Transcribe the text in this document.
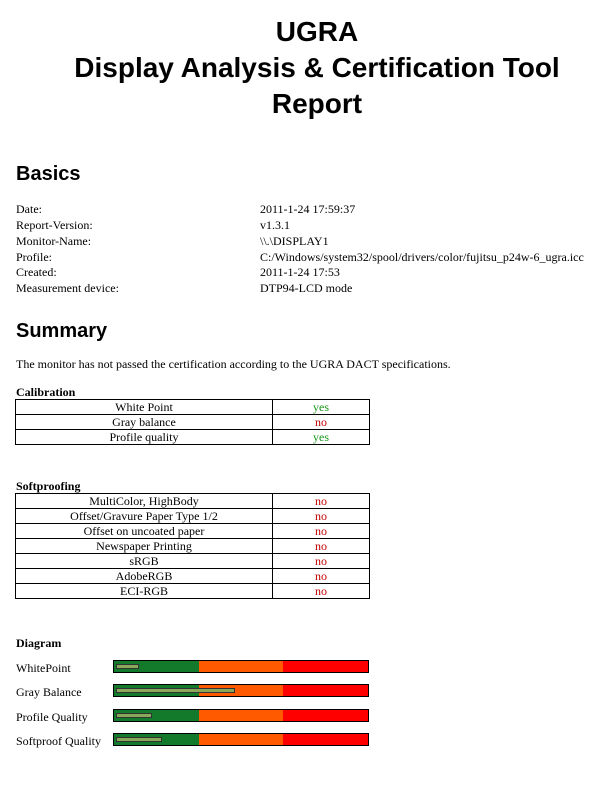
UGRA
Display Analysis & Certification Tool
Report
Basics
Date:	2011-1-24 17:59:37
Report-Version:	v1.3.1
Monitor-Name:	\\.\DISPLAY1
Profile:	C:/Windows/system32/spool/drivers/color/fujitsu_p24w-6_ugra.icc
Created:	2011-1-24 17:53
Measurement device:	DTP94-LCD mode
Summary
The monitor has not passed the certification according to the UGRA DACT specifications.
Calibration
White Point	yes
Gray balance	no
Profile quality	yes
Softproofing
MultiColor, HighBody	no
Offset/Gravure Paper Type 1/2	no
Offset on uncoated paper	no
Newspaper Printing	no
sRGB	no
AdobeRGB	no
ECI-RGB	no
Diagram
WhitePoint
Gray Balance
Profile Quality
Softproof Quality
